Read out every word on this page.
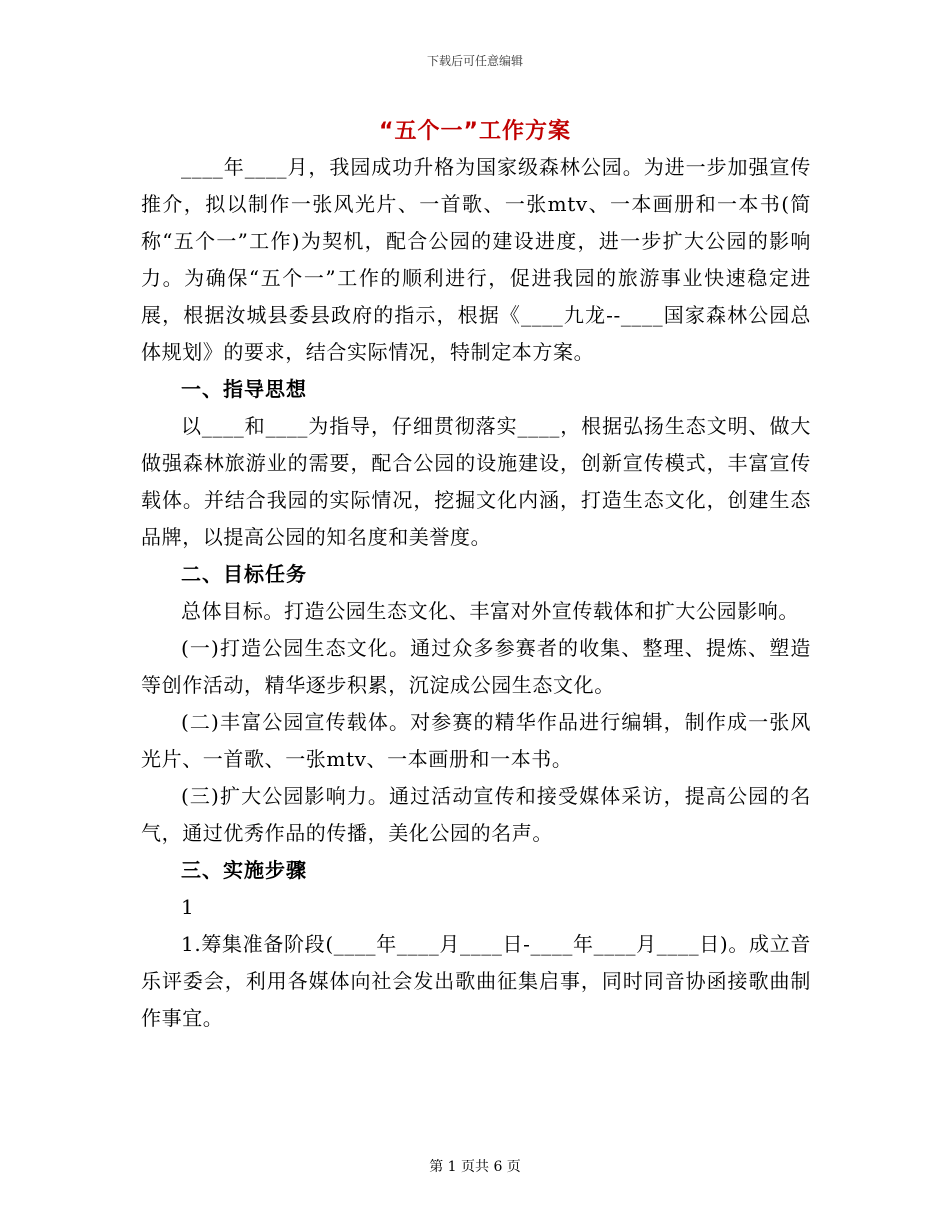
下载后可任意编辑
“五个一”工作方案

____年____月，我园成功升格为国家级森林公园。为进一步加强宣传推介，拟以制作一张风光片、一首歌、一张mtv、一本画册和一本书(简称“五个一”工作)为契机，配合公园的建设进度，进一步扩大公园的影响力。为确保“五个一”工作的顺利进行，促进我园的旅游事业快速稳定进展，根据汝城县委县政府的指示，根据《____九龙--____国家森林公园总体规划》的要求，结合实际情况，特制定本方案。

一、指导思想

以____和____为指导，仔细贯彻落实____，根据弘扬生态文明、做大做强森林旅游业的需要，配合公园的设施建设，创新宣传模式，丰富宣传载体。并结合我园的实际情况，挖掘文化内涵，打造生态文化，创建生态品牌，以提高公园的知名度和美誉度。

二、目标任务

总体目标。打造公园生态文化、丰富对外宣传载体和扩大公园影响。

(一)打造公园生态文化。通过众多参赛者的收集、整理、提炼、塑造等创作活动，精华逐步积累，沉淀成公园生态文化。

(二)丰富公园宣传载体。对参赛的精华作品进行编辑，制作成一张风光片、一首歌、一张mtv、一本画册和一本书。

(三)扩大公园影响力。通过活动宣传和接受媒体采访，提高公园的名气，通过优秀作品的传播，美化公园的名声。

三、实施步骤

1

1.筹集准备阶段(____年____月____日-____年____月____日)。成立音乐评委会，利用各媒体向社会发出歌曲征集启事，同时同音协函接歌曲制作事宜。

第 1 页共 6 页
